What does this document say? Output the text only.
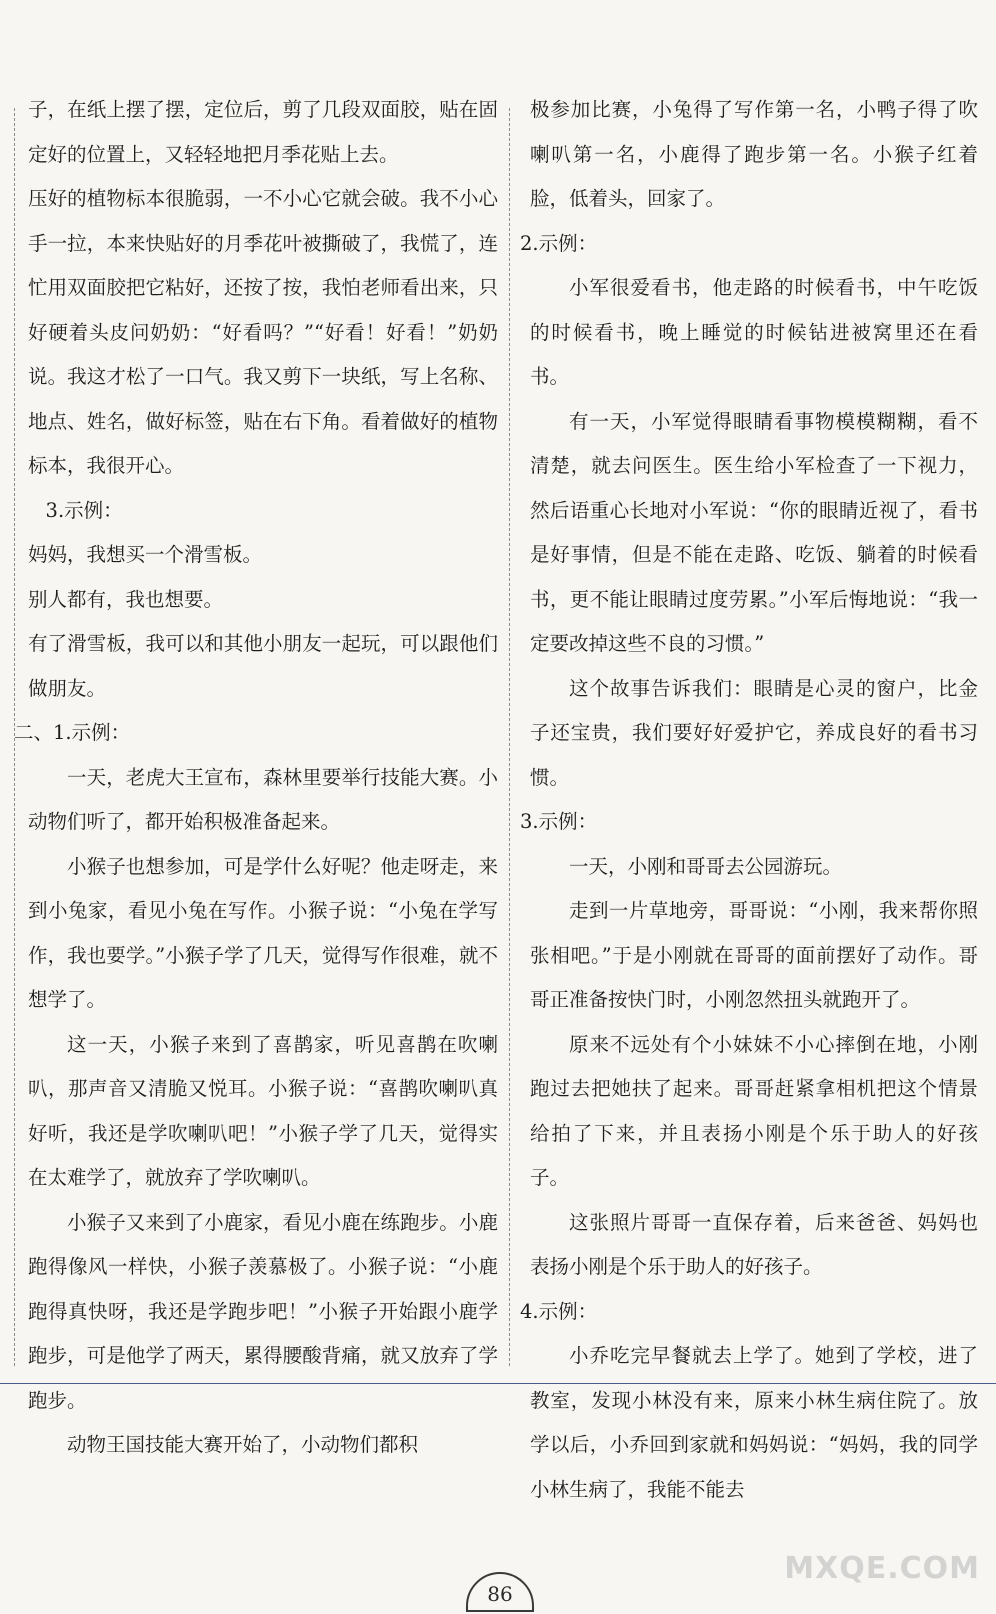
子，在纸上摆了摆，定位后，剪了几段双面胶，贴在固定好的位置上，又轻轻地把月季花贴上去。

压好的植物标本很脆弱，一不小心它就会破。我不小心手一拉，本来快贴好的月季花叶被撕破了，我慌了，连忙用双面胶把它粘好，还按了按，我怕老师看出来，只好硬着头皮问奶奶：“好看吗？”“好看！好看！”奶奶说。我这才松了一口气。我又剪下一块纸，写上名称、地点、姓名，做好标签，贴在右下角。看着做好的植物标本，我很开心。

3.示例：

妈妈，我想买一个滑雪板。

别人都有，我也想要。

有了滑雪板，我可以和其他小朋友一起玩，可以跟他们做朋友。

二、1.示例：

一天，老虎大王宣布，森林里要举行技能大赛。小动物们听了，都开始积极准备起来。

小猴子也想参加，可是学什么好呢？他走呀走，来到小兔家，看见小兔在写作。小猴子说：“小兔在学写作，我也要学。”小猴子学了几天，觉得写作很难，就不想学了。

这一天，小猴子来到了喜鹊家，听见喜鹊在吹喇叭，那声音又清脆又悦耳。小猴子说：“喜鹊吹喇叭真好听，我还是学吹喇叭吧！”小猴子学了几天，觉得实在太难学了，就放弃了学吹喇叭。

小猴子又来到了小鹿家，看见小鹿在练跑步。小鹿跑得像风一样快，小猴子羡慕极了。小猴子说：“小鹿跑得真快呀，我还是学跑步吧！”小猴子开始跟小鹿学跑步，可是他学了两天，累得腰酸背痛，就又放弃了学跑步。

动物王国技能大赛开始了，小动物们都积

极参加比赛，小兔得了写作第一名，小鸭子得了吹喇叭第一名，小鹿得了跑步第一名。小猴子红着脸，低着头，回家了。

2.示例：

小军很爱看书，他走路的时候看书，中午吃饭的时候看书，晚上睡觉的时候钻进被窝里还在看书。

有一天，小军觉得眼睛看事物模模糊糊，看不清楚，就去问医生。医生给小军检查了一下视力，然后语重心长地对小军说：“你的眼睛近视了，看书是好事情，但是不能在走路、吃饭、躺着的时候看书，更不能让眼睛过度劳累。”小军后悔地说：“我一定要改掉这些不良的习惯。”

这个故事告诉我们：眼睛是心灵的窗户，比金子还宝贵，我们要好好爱护它，养成良好的看书习惯。

3.示例：

一天，小刚和哥哥去公园游玩。

走到一片草地旁，哥哥说：“小刚，我来帮你照张相吧。”于是小刚就在哥哥的面前摆好了动作。哥哥正准备按快门时，小刚忽然扭头就跑开了。

原来不远处有个小妹妹不小心摔倒在地，小刚跑过去把她扶了起来。哥哥赶紧拿相机把这个情景给拍了下来，并且表扬小刚是个乐于助人的好孩子。

这张照片哥哥一直保存着，后来爸爸、妈妈也表扬小刚是个乐于助人的好孩子。

4.示例：

小乔吃完早餐就去上学了。她到了学校，进了教室，发现小林没有来，原来小林生病住院了。放学以后，小乔回到家就和妈妈说：“妈妈，我的同学小林生病了，我能不能去

86
MXQE.COM
